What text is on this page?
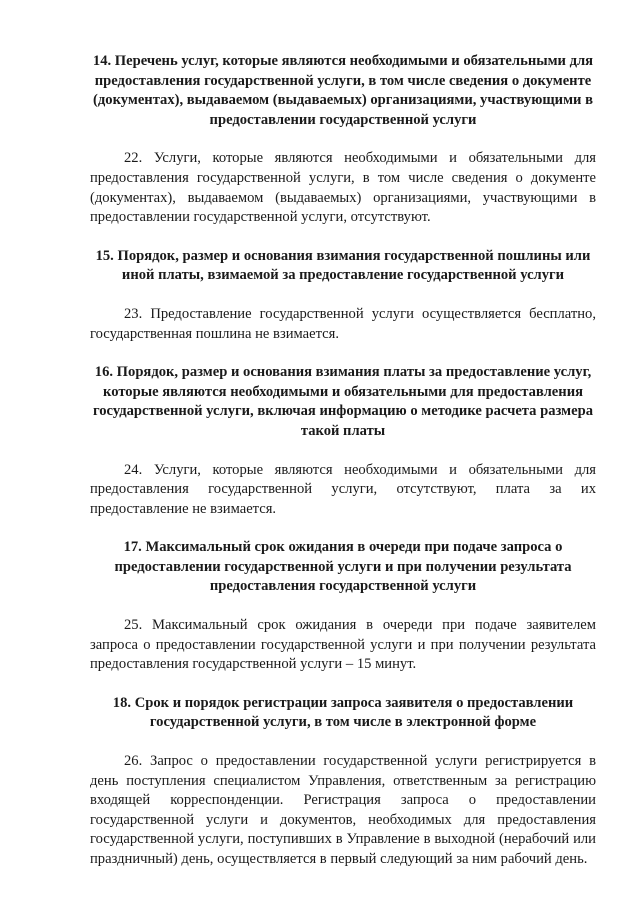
14. Перечень услуг, которые являются необходимыми и обязательными для предоставления государственной услуги, в том числе сведения о документе (документах), выдаваемом (выдаваемых) организациями, участвующими в предоставлении государственной услуги

22. Услуги, которые являются необходимыми и обязательными для предоставления государственной услуги, в том числе сведения о документе (документах), выдаваемом (выдаваемых) организациями, участвующими в предоставлении государственной услуги, отсутствуют.

15. Порядок, размер и основания взимания государственной пошлины или иной платы, взимаемой за предоставление государственной услуги

23. Предоставление государственной услуги осуществляется бесплатно, государственная пошлина не взимается.

16. Порядок, размер и основания взимания платы за предоставление услуг, которые являются необходимыми и обязательными для предоставления государственной услуги, включая информацию о методике расчета размера такой платы

24. Услуги, которые являются необходимыми и обязательными для предоставления государственной услуги, отсутствуют, плата за их предоставление не взимается.

17. Максимальный срок ожидания в очереди при подаче запроса о предоставлении государственной услуги и при получении результата предоставления государственной услуги

25. Максимальный срок ожидания в очереди при подаче заявителем запроса о предоставлении государственной услуги и при получении результата предоставления государственной услуги – 15 минут.

18. Срок и порядок регистрации запроса заявителя о предоставлении государственной услуги, в том числе в электронной форме

26. Запрос о предоставлении государственной услуги регистрируется в день поступления специалистом Управления, ответственным за регистрацию входящей корреспонденции. Регистрация запроса о предоставлении государственной услуги и документов, необходимых для предоставления государственной услуги, поступивших в Управление в выходной (нерабочий или праздничный) день, осуществляется в первый следующий за ним рабочий день.
